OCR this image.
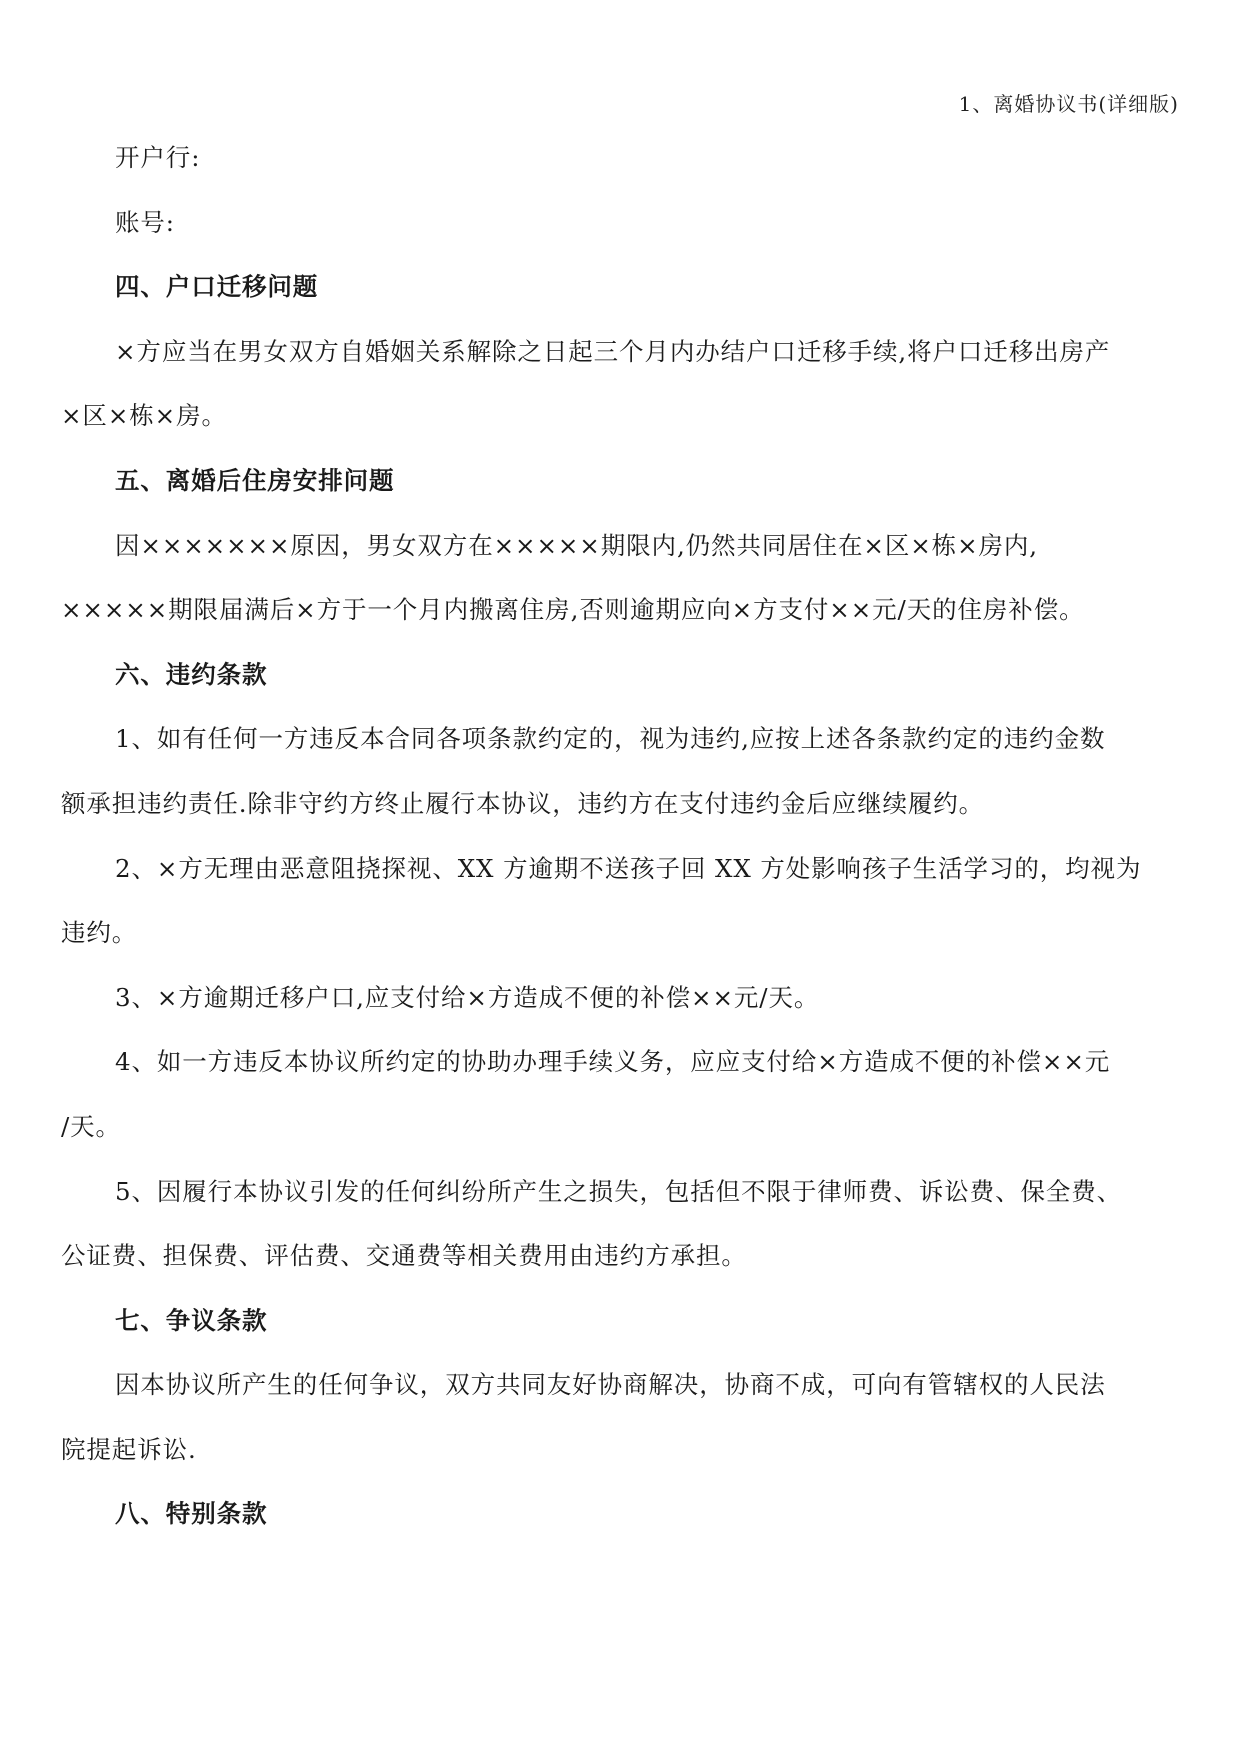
1、离婚协议书(详细版)

开户行:

账号:

四、户口迁移问题

×方应当在男女双方自婚姻关系解除之日起三个月内办结户口迁移手续,将户口迁移出房产

×区×栋×房。

五、离婚后住房安排问题

因×××××××原因，男女双方在×××××期限内,仍然共同居住在×区×栋×房内,

×××××期限届满后×方于一个月内搬离住房,否则逾期应向×方支付××元/天的住房补偿。

六、违约条款

1、如有任何一方违反本合同各项条款约定的，视为违约,应按上述各条款约定的违约金数

额承担违约责任.除非守约方终止履行本协议，违约方在支付违约金后应继续履约。

2、×方无理由恶意阻挠探视、XX 方逾期不送孩子回 XX 方处影响孩子生活学习的，均视为

违约。

3、×方逾期迁移户口,应支付给×方造成不便的补偿××元/天。

4、如一方违反本协议所约定的协助办理手续义务，应应支付给×方造成不便的补偿××元

/天。

5、因履行本协议引发的任何纠纷所产生之损失，包括但不限于律师费、诉讼费、保全费、

公证费、担保费、评估费、交通费等相关费用由违约方承担。

七、争议条款

因本协议所产生的任何争议，双方共同友好协商解决，协商不成，可向有管辖权的人民法

院提起诉讼.

八、特别条款
